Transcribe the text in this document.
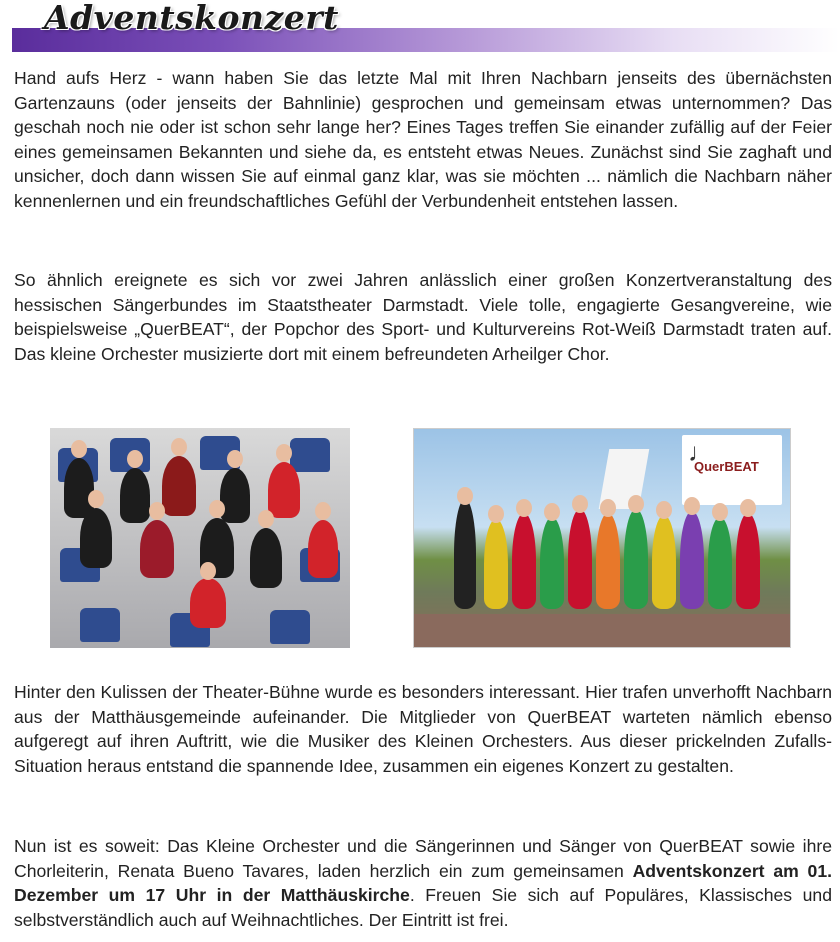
Adventskonzert

Hand aufs Herz - wann haben Sie das letzte Mal mit Ihren Nachbarn jenseits des übernächsten Gartenzauns (oder jenseits der Bahnlinie) gesprochen und gemeinsam etwas unternommen? Das geschah noch nie oder ist schon sehr lange her? Eines Tages treffen Sie einander zufällig auf der Feier eines gemeinsamen Bekannten und siehe da, es entsteht etwas Neues. Zunächst sind Sie zaghaft und unsicher, doch dann wissen Sie auf einmal ganz klar, was sie möchten ... nämlich die Nachbarn näher kennenlernen und ein freundschaftliches Gefühl der Verbundenheit entstehen lassen.

So ähnlich ereignete es sich vor zwei Jahren anlässlich einer großen Konzertveranstaltung des hessischen Sängerbundes im Staatstheater Darmstadt. Viele tolle, engagierte Gesangvereine, wie beispielsweise „QuerBEAT“, der Popchor des Sport- und Kulturvereins Rot-Weiß Darmstadt traten auf. Das kleine Orchester musizierte dort mit einem befreundeten Arheilger Chor.

♩
QuerBEAT

Hinter den Kulissen der Theater-Bühne wurde es besonders interessant. Hier trafen unverhofft Nachbarn aus der Matthäusgemeinde aufeinander. Die Mitglieder von QuerBEAT warteten nämlich ebenso aufgeregt auf ihren Auftritt, wie die Musiker des Kleinen Orchesters. Aus dieser prickelnden Zufalls-Situation heraus entstand die spannende Idee, zusammen ein eigenes Konzert zu gestalten.

Nun ist es soweit: Das Kleine Orchester und die Sängerinnen und Sänger von QuerBEAT sowie ihre Chorleiterin, Renata Bueno Tavares, laden herzlich ein zum gemeinsamen Adventskonzert am 01. Dezember um 17 Uhr in der Matthäuskirche. Freuen Sie sich auf Populäres, Klassisches und selbstverständlich auch auf Weihnachtliches. Der Eintritt ist frei.
